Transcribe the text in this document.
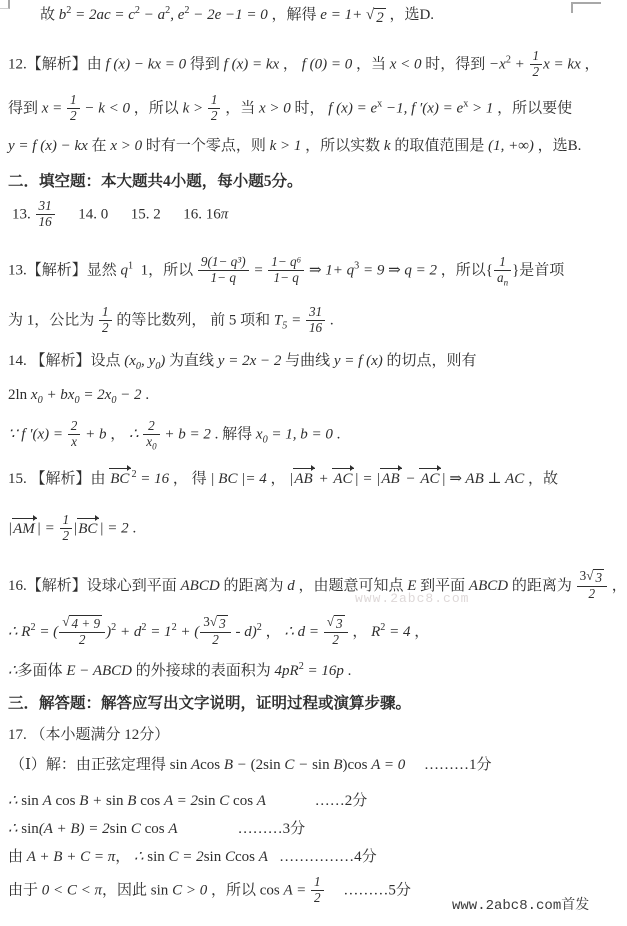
故 $b^2 = 2ac = c^2 - a^2$, $e^2 - 2e -1 = 0$ ，解得 e = 1+ √ 2 ，选D.
12.【解析】由 f (x) − kx = 0 得到 f (x) = kx ， f (0) = 0 ，当 x < 0 时，得到 $-x^2 + \frac{1}{2}$ x = kx ，
得到 $x = \frac{1}{2} - k < 0$ ，所以 $k > \frac{1}{2}$ ，当 x > 0 时， f $(x) = e^x -1$, f $'(x) = e^x > 1$ ，所以要使
y = f (x) − kx 在 x > 0 时有一个零点，则 k > 1 ，所以实数 k 的取值范围是 (1, +∞) ，选B.
二．填空题：本大题共4小题，每小题5分。
13. $\frac{31}{16} 14$. 0      15. 2      16. 16π
13.【解析】显然 $q^1$  1，所以 $\frac{\text{9(1− q³)}}{1- q} = \frac{\text{1− q⁶}}{1- q}$ ⇒ $1+ q^3 = 9$ ⇒ q = 2 ，所以{ $\frac{1}{a_n}$ }是首项
为 1，公比为 $\frac{1}{2}$ 的等比数列， 前 5 项和 $T_5 = \frac{31}{16}$ .
14. 【解析】设点 ($x_0$, $y_0$) 为直线 y = 2x − 2 与曲线 y = f (x) 的切点，则有
2ln $x_0 + bx_0 = 2x_0 - 2$ .
∵ f $'(x) = \frac{2}{x} + b$ ， ∴ $\frac{2}{x_0} + b = 2$ . 解得 $x_0 = 1$, b = 0 .
15. 【解析】由 BC $^2$ = 16 ， 得 | BC |= 4 ， |AB + AC | = |AB − AC | ⇒ AB ⊥ AC ，故
|AM | = $\frac{1}{2} |BC$ | = 2 .
16.【解析】设球心到平面 ABCD 的距离为 d ，由题意可知点 E 到平面 ABCD 的距离为 $\frac{3 √ 3}{2}$ ，
∴ $R^2$ = ( $\frac{√ 4 + 9}{2} )^2 + d^2 = 1^2$ + ( $\frac{3 √ 3}{2} - d)^2$ ， ∴ $d = \frac{√ 3}{2}$ ， $R^2 = 4$ ，
∴多面体 E − ABCD 的外接球的表面积为 $4pR^2 = 16p$ .
三．解答题：解答应写出文字说明，证明过程或演算步骤。
17. （本小题满分 12分）
（Ⅰ）解：由正弦定理得 sin Acos B − (2sin C − sin B)cos A = 0     ………1分
∴ sin A cos B + sin B cos A = 2sin C cos A             ……2分
∴ sin(A + B) = 2sin C cos A                ………3分
由 A + B + C = π， ∴ sin C = 2sin Ccos A   ……………4分
由于 0 < C < π，因此 sin C > 0 ，所以 $\cos A = \frac{1}{2}$ ………5分
www.2abc8.com
www.2abc8.com首发
